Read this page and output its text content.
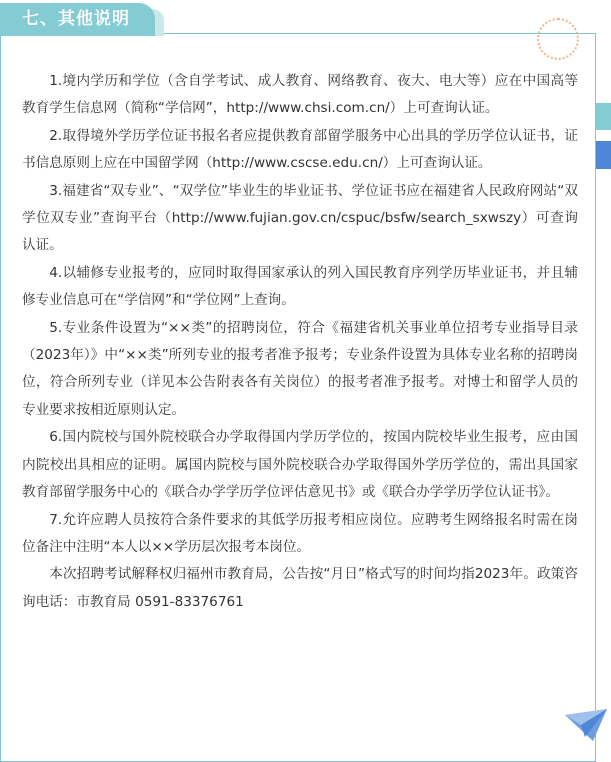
七、其他说明

1.境内学历和学位（含自学考试、成人教育、网络教育、夜大、电大等）应在中国高等教育学生信息网（简称“学信网”，http://www.chsi.com.cn/）上可查询认证。

2.取得境外学历学位证书报名者应提供教育部留学服务中心出具的学历学位认证书，证书信息原则上应在中国留学网（http://www.cscse.edu.cn/）上可查询认证。

3.福建省“双专业”、“双学位”毕业生的毕业证书、学位证书应在福建省人民政府网站“双学位双专业”查询平台（http://www.fujian.gov.cn/cspuc/bsfw/search_sxwszy）可查询认证。

4.以辅修专业报考的，应同时取得国家承认的列入国民教育序列学历毕业证书，并且辅修专业信息可在“学信网”和“学位网”上查询。

5.专业条件设置为“××类”的招聘岗位，符合《福建省机关事业单位招考专业指导目录（2023年）》中“××类”所列专业的报考者准予报考；专业条件设置为具体专业名称的招聘岗位，符合所列专业（详见本公告附表各有关岗位）的报考者准予报考。对博士和留学人员的专业要求按相近原则认定。

6.国内院校与国外院校联合办学取得国内学历学位的，按国内院校毕业生报考，应由国内院校出具相应的证明。属国内院校与国外院校联合办学取得国外学历学位的，需出具国家教育部留学服务中心的《联合办学学历学位评估意见书》或《联合办学学历学位认证书》。

7.允许应聘人员按符合条件要求的其低学历报考相应岗位。应聘考生网络报名时需在岗位备注中注明“本人以××学历层次报考本岗位。

本次招聘考试解释权归福州市教育局，公告按“月日”格式写的时间均指2023年。政策咨询电话：市教育局 0591-83376761
